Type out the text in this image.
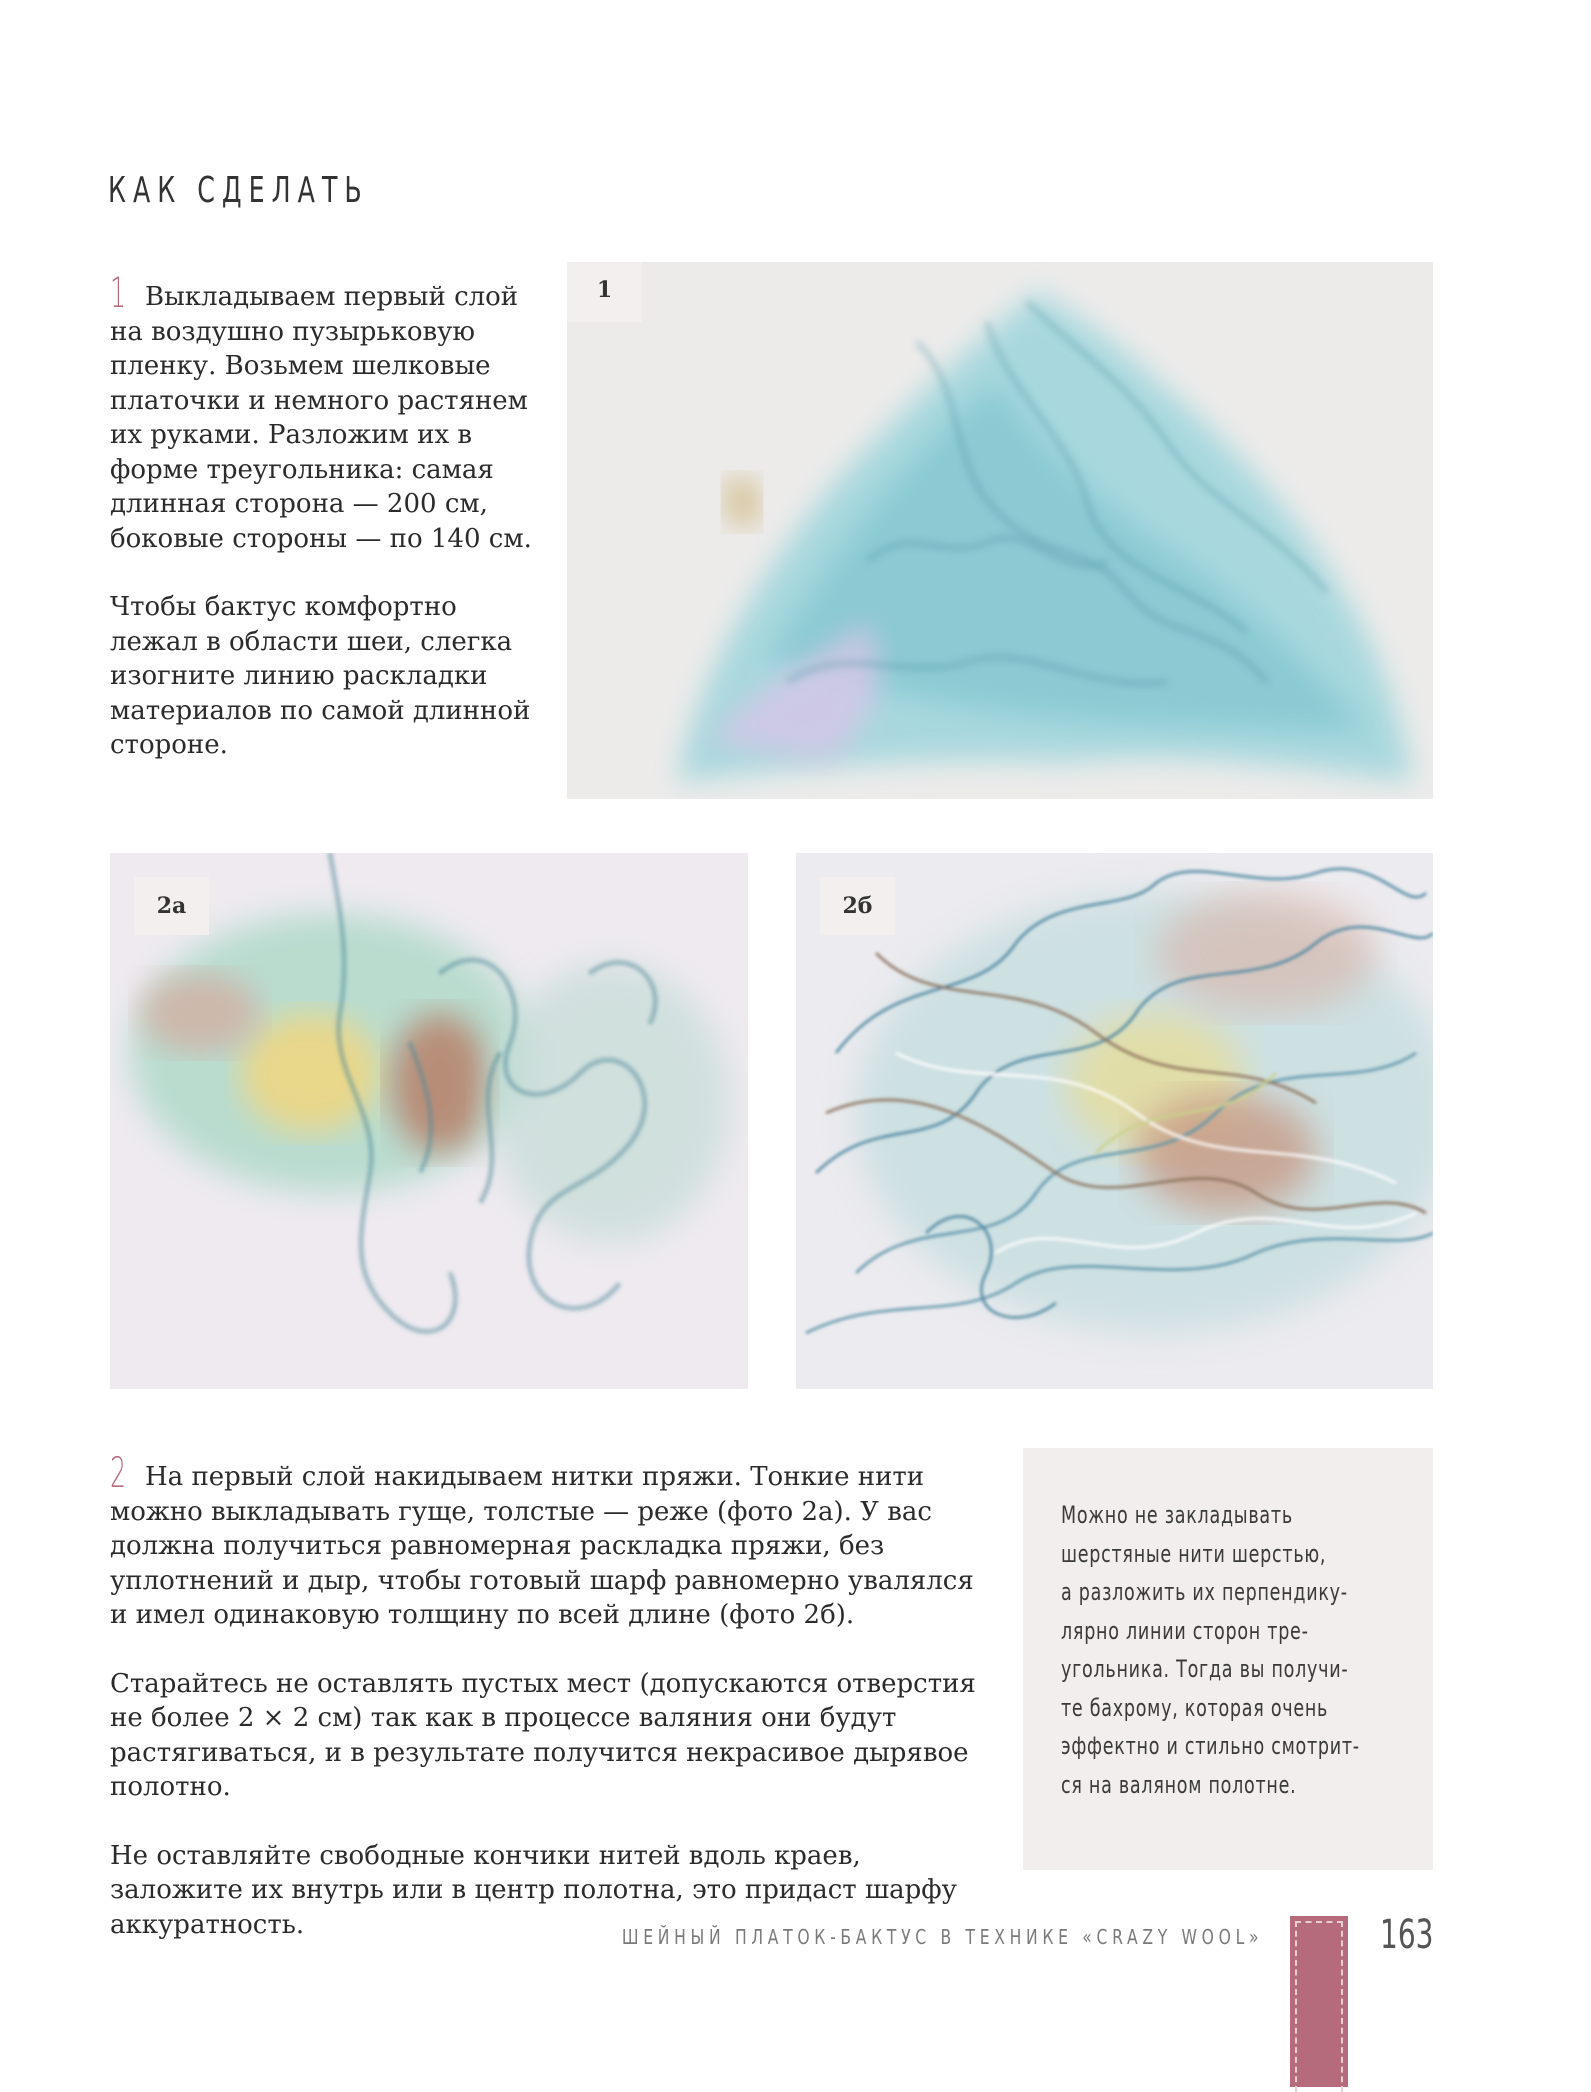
КАК СДЕЛАТЬ

1 Выкладываем первый слой на воздушно пузырьковую пленку. Возьмем шелковые платочки и немного растянем их руками. Разложим их в форме треугольника: самая длинная сторона — 200 см, боковые стороны — по 140 см.

Чтобы бактус комфортно лежал в области шеи, слегка изогните линию раскладки материалов по самой длинной стороне.

1
2а	2б

2 На первый слой накидываем нитки пряжи. Тонкие нити можно выкладывать гуще, толстые — реже (фото 2а). У вас должна получиться равномерная раскладка пряжи, без уплотнений и дыр, чтобы готовый шарф равномерно увалялся и имел одинаковую толщину по всей длине (фото 2б).

Старайтесь не оставлять пустых мест (допускаются отверстия не более 2 × 2 см) так как в процессе валяния они будут растягиваться, и в результате получится некрасивое дырявое полотно.

Не оставляйте свободные кончики нитей вдоль краев, заложите их внутрь или в центр полотна, это придаст шарфу аккуратность.

Можно не закладывать
шерстяные нити шерстью,
а разложить их перпендику-
лярно линии сторон тре-
угольника. Тогда вы получи-
те бахрому, которая очень
эффектно и стильно смотрит-
ся на валяном полотне.
ШЕЙНЫЙ ПЛАТОК-БАКТУС В ТЕХНИКЕ «CRAZY WOOL»	163
